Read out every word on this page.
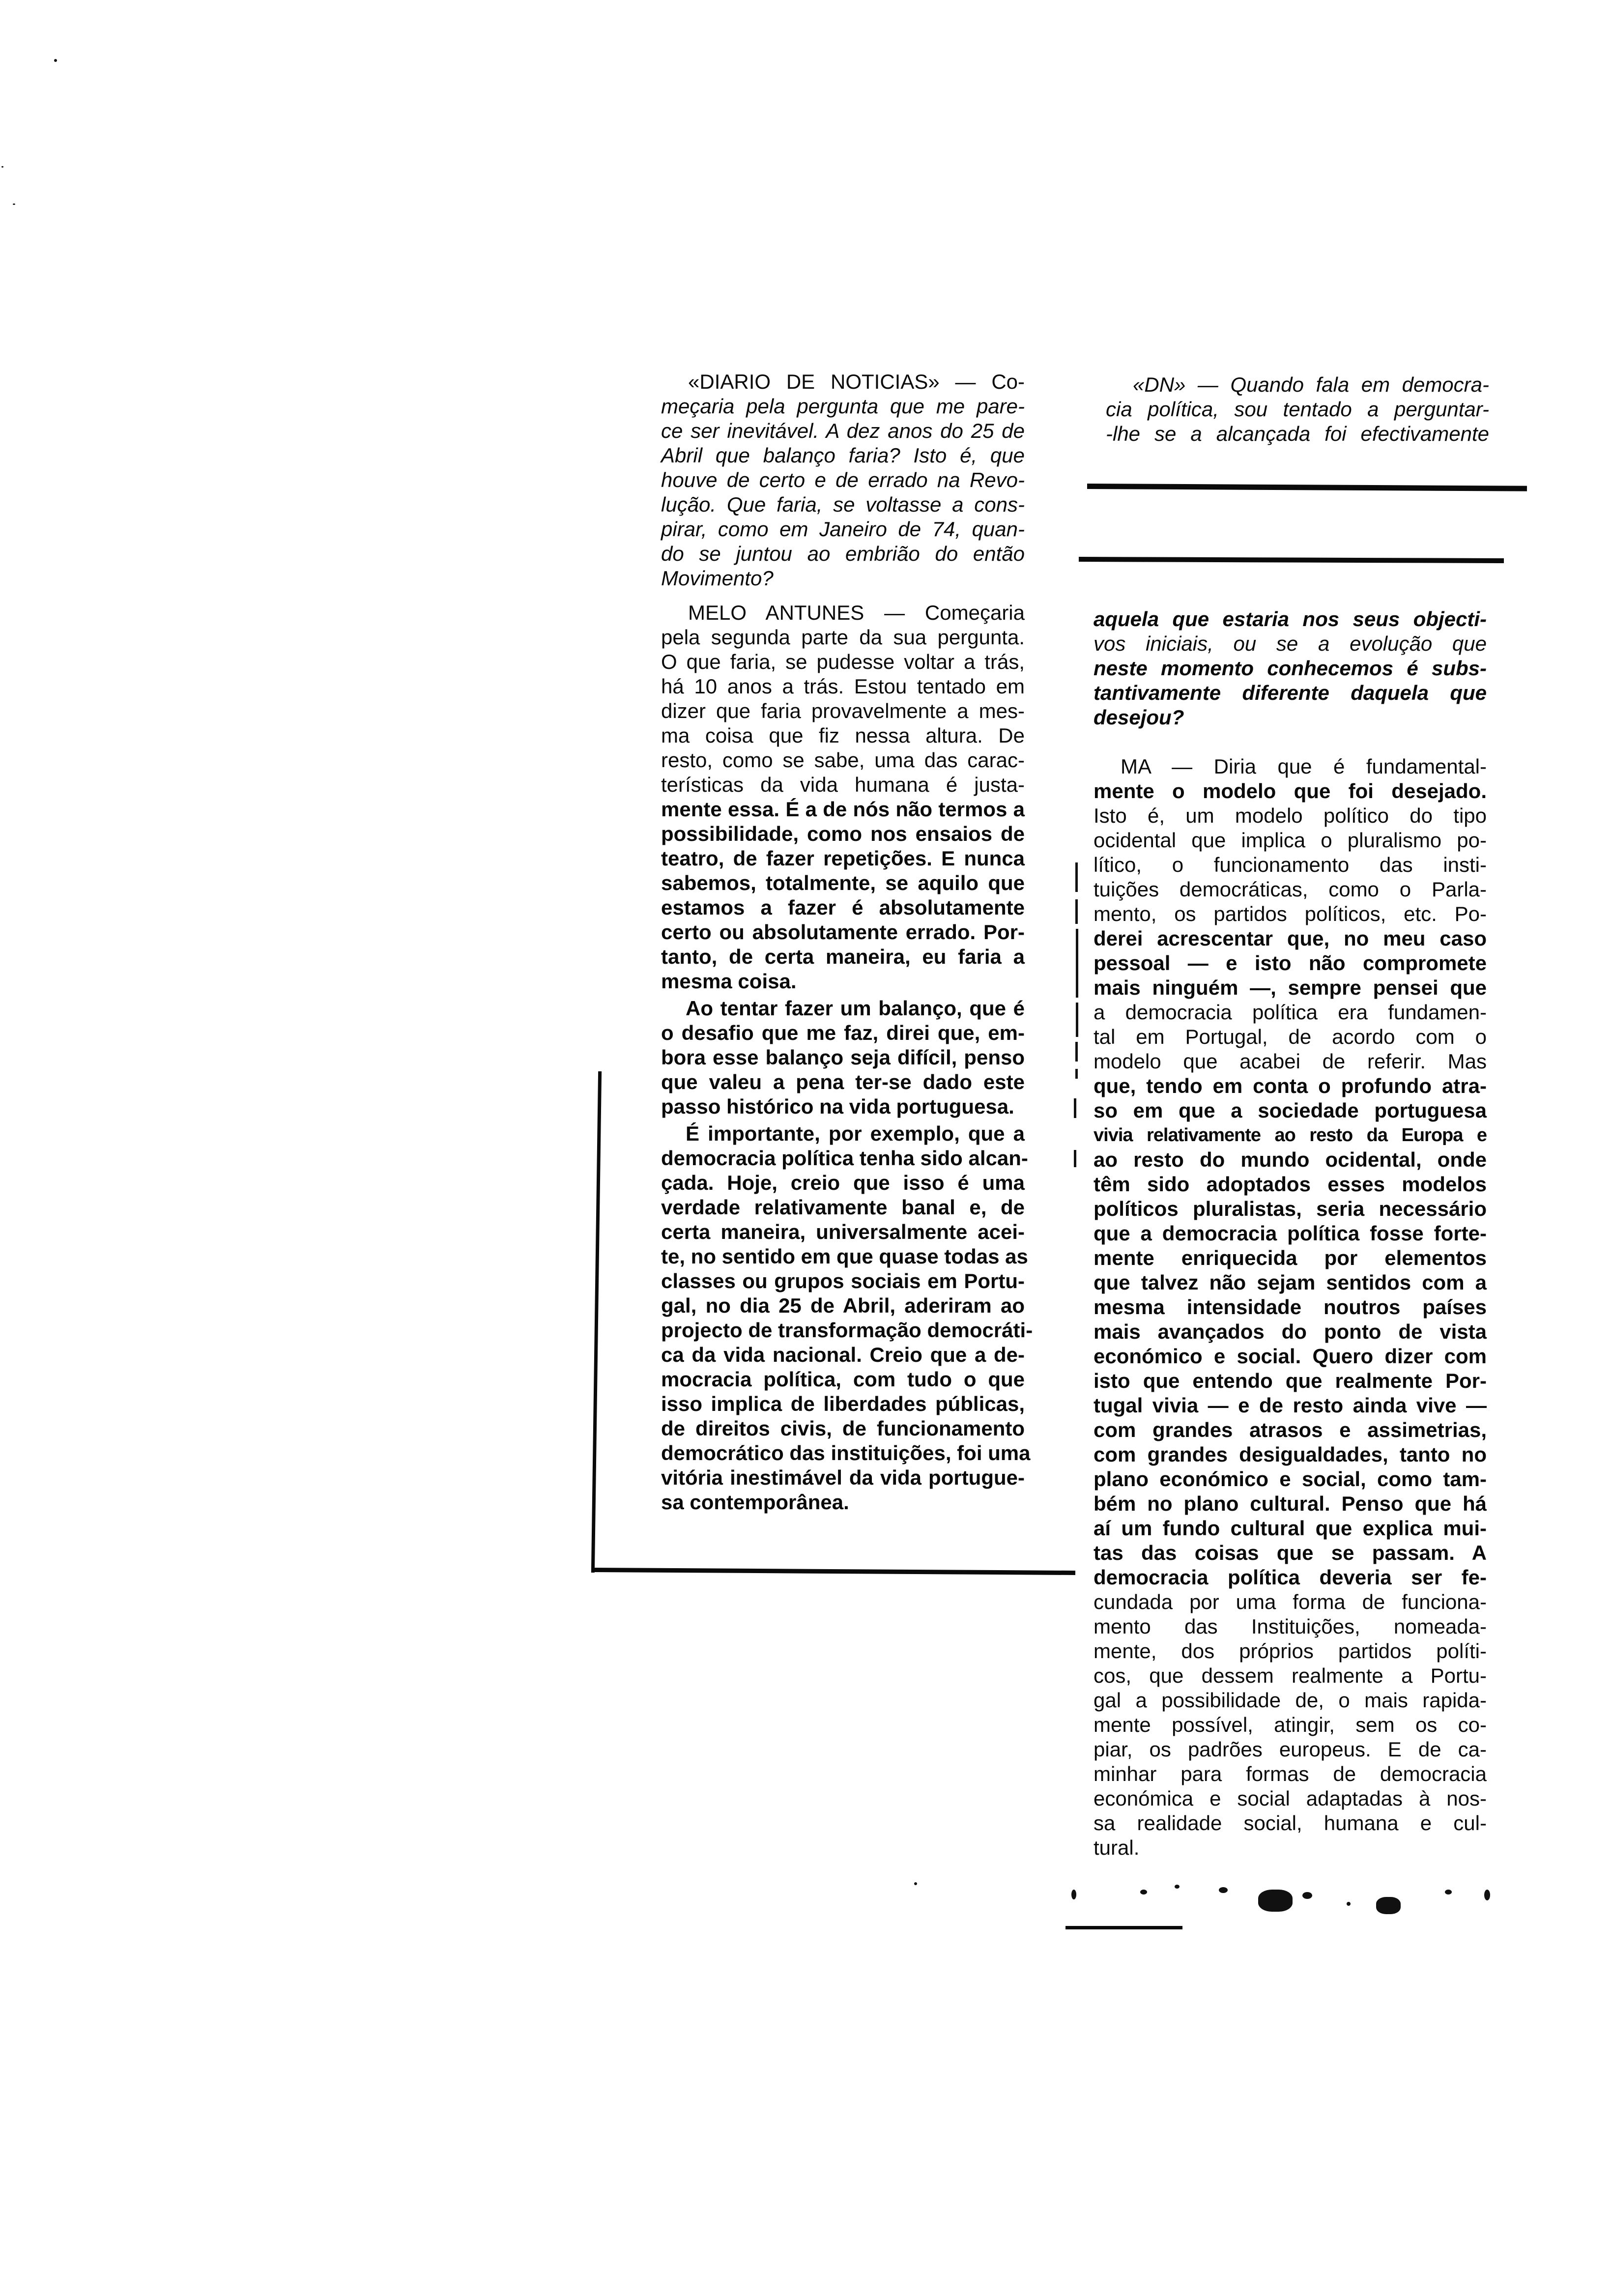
«DIARIO DE NOTICIAS» — Co-
meçaria pela pergunta que me pare-
ce ser inevitável. A dez anos do 25 de
Abril que balanço faria? Isto é, que
houve de certo e de errado na Revo-
lução. Que faria, se voltasse a cons-
pirar, como em Janeiro de 74, quan-
do se juntou ao embrião do então
Movimento?
MELO ANTUNES — Começaria
pela segunda parte da sua pergunta.
O que faria, se pudesse voltar a trás,
há 10 anos a trás. Estou tentado em
dizer que faria provavelmente a mes-
ma coisa que fiz nessa altura. De
resto, como se sabe, uma das carac-
terísticas da vida humana é justa-
mente essa. É a de nós não termos a
possibilidade, como nos ensaios de
teatro, de fazer repetições. E nunca
sabemos, totalmente, se aquilo que
estamos a fazer é absolutamente
certo ou absolutamente errado. Por-
tanto, de certa maneira, eu faria a
mesma coisa.
Ao tentar fazer um balanço, que é
o desafio que me faz, direi que, em-
bora esse balanço seja difícil, penso
que valeu a pena ter-se dado este
passo histórico na vida portuguesa.
É importante, por exemplo, que a
democracia política tenha sido alcan-
çada. Hoje, creio que isso é uma
verdade relativamente banal e, de
certa maneira, universalmente acei-
te, no sentido em que quase todas as
classes ou grupos sociais em Portu-
gal, no dia 25 de Abril, aderiram ao
projecto de transformação democráti-
ca da vida nacional. Creio que a de-
mocracia política, com tudo o que
isso implica de liberdades públicas,
de direitos civis, de funcionamento
democrático das instituições, foi uma
vitória inestimável da vida portugue-
sa contemporânea.
«DN» — Quando fala em democra-
cia política, sou tentado a perguntar-
-lhe se a alcançada foi efectivamente
aquela que estaria nos seus objecti-
vos iniciais, ou se a evolução que
neste momento conhecemos é subs-
tantivamente diferente daquela que
desejou?
MA — Diria que é fundamental-
mente o modelo que foi desejado.
Isto é, um modelo político do tipo
ocidental que implica o pluralismo po-
lítico, o funcionamento das insti-
tuições democráticas, como o Parla-
mento, os partidos políticos, etc. Po-
derei acrescentar que, no meu caso
pessoal — e isto não compromete
mais ninguém —, sempre pensei que
a democracia política era fundamen-
tal em Portugal, de acordo com o
modelo que acabei de referir. Mas
que, tendo em conta o profundo atra-
so em que a sociedade portuguesa
vivia relativamente ao resto da Europa e
ao resto do mundo ocidental, onde
têm sido adoptados esses modelos
políticos pluralistas, seria necessário
que a democracia política fosse forte-
mente enriquecida por elementos
que talvez não sejam sentidos com a
mesma intensidade noutros países
mais avançados do ponto de vista
económico e social. Quero dizer com
isto que entendo que realmente Por-
tugal vivia — e de resto ainda vive —
com grandes atrasos e assimetrias,
com grandes desigualdades, tanto no
plano económico e social, como tam-
bém no plano cultural. Penso que há
aí um fundo cultural que explica mui-
tas das coisas que se passam. A
democracia política deveria ser fe-
cundada por uma forma de funciona-
mento das Instituições, nomeada-
mente, dos próprios partidos políti-
cos, que dessem realmente a Portu-
gal a possibilidade de, o mais rapida-
mente possível, atingir, sem os co-
piar, os padrões europeus. E de ca-
minhar para formas de democracia
económica e social adaptadas à nos-
sa realidade social, humana e cul-
tural.
